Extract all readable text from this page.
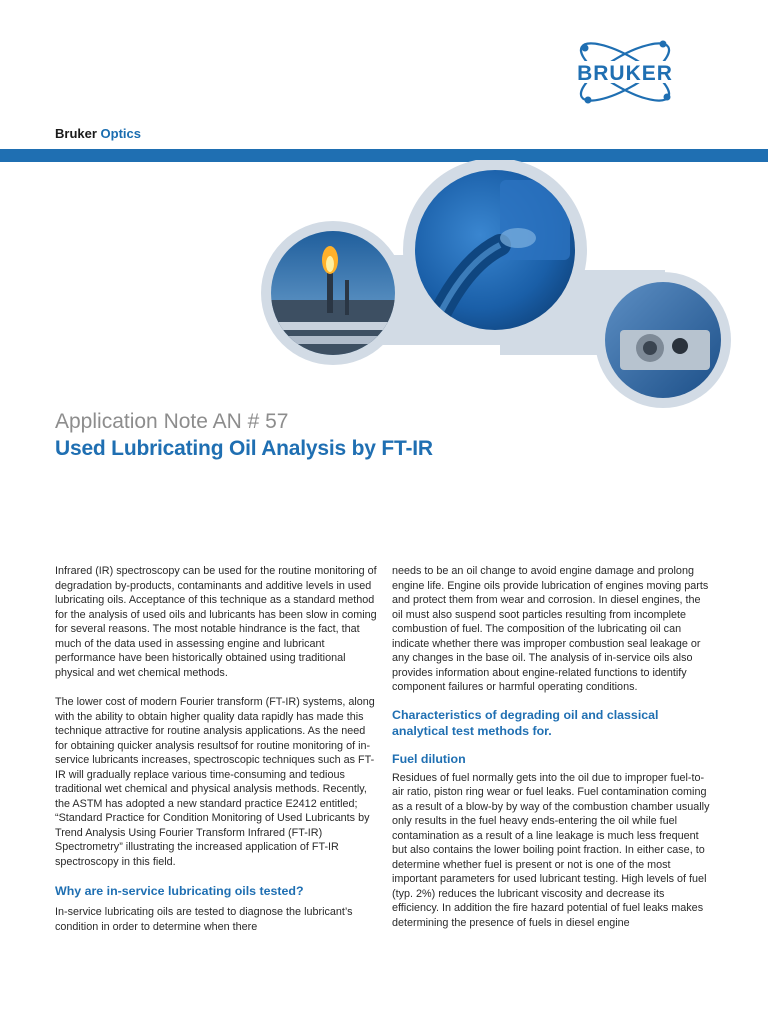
BRUKER
Bruker Optics
Application Note AN # 57
Used Lubricating Oil Analysis by FT-IR

Infrared (IR) spectroscopy can be used for the routine monitoring of degradation by-products, contaminants and additive levels in used lubricating oils. Acceptance of this technique as a standard method for the analysis of used oils and lubricants has been slow in coming for several reasons. The most notable hindrance is the fact, that much of the data used in assessing engine and lubricant performance have been historically obtained using traditional physical and wet chemical methods.

The lower cost of modern Fourier transform (FT-IR) systems, along with the ability to obtain higher quality data rapidly has made this technique attractive for routine analysis applications. As the need for obtaining quicker analysis resultsof for routine monitoring of in-service lubricants increases, spectroscopic techniques such as FT-IR will gradually replace various time-consuming and tedious traditional wet chemical and physical analysis methods. Recently, the ASTM has adopted a new standard practice E2412 entitled; “Standard Practice for Condition Monitoring of Used Lubricants by Trend Analysis Using Fourier Transform Infrared (FT-IR) Spectrometry” illustrating the increased application of FT-IR spectroscopy in this field.

Why are in-service lubricating oils tested?

In-service lubricating oils are tested to diagnose the lubricant’s condition in order to determine when there

needs to be an oil change to avoid engine damage and prolong engine life. Engine oils provide lubrication of engines moving parts and protect them from wear and corrosion. In diesel engines, the oil must also suspend soot particles resulting from incomplete combustion of fuel. The composition of the lubricating oil can indicate whether there was improper combustion seal leakage or any changes in the base oil. The analysis of in-service oils also provides information about engine-related functions to identify component failures or harmful operating conditions.

Characteristics of degrading oil and classical analytical test methods for.
Fuel dilution

Residues of fuel normally gets into the oil due to improper fuel-to-air ratio, piston ring wear or fuel leaks. Fuel contamination coming as a result of a blow-by by way of the combustion chamber usually only results in the fuel heavy ends-entering the oil while fuel contamination as a result of a line leakage is much less frequent but also contains the lower boiling point fraction. In either case, to determine whether fuel is present or not is one of the most important parameters for used lubricant testing. High levels of fuel (typ. 2%) reduces the lubricant viscosity and decrease its efficiency. In addition the fire hazard potential of fuel leaks makes determining the presence of fuels in diesel engine
